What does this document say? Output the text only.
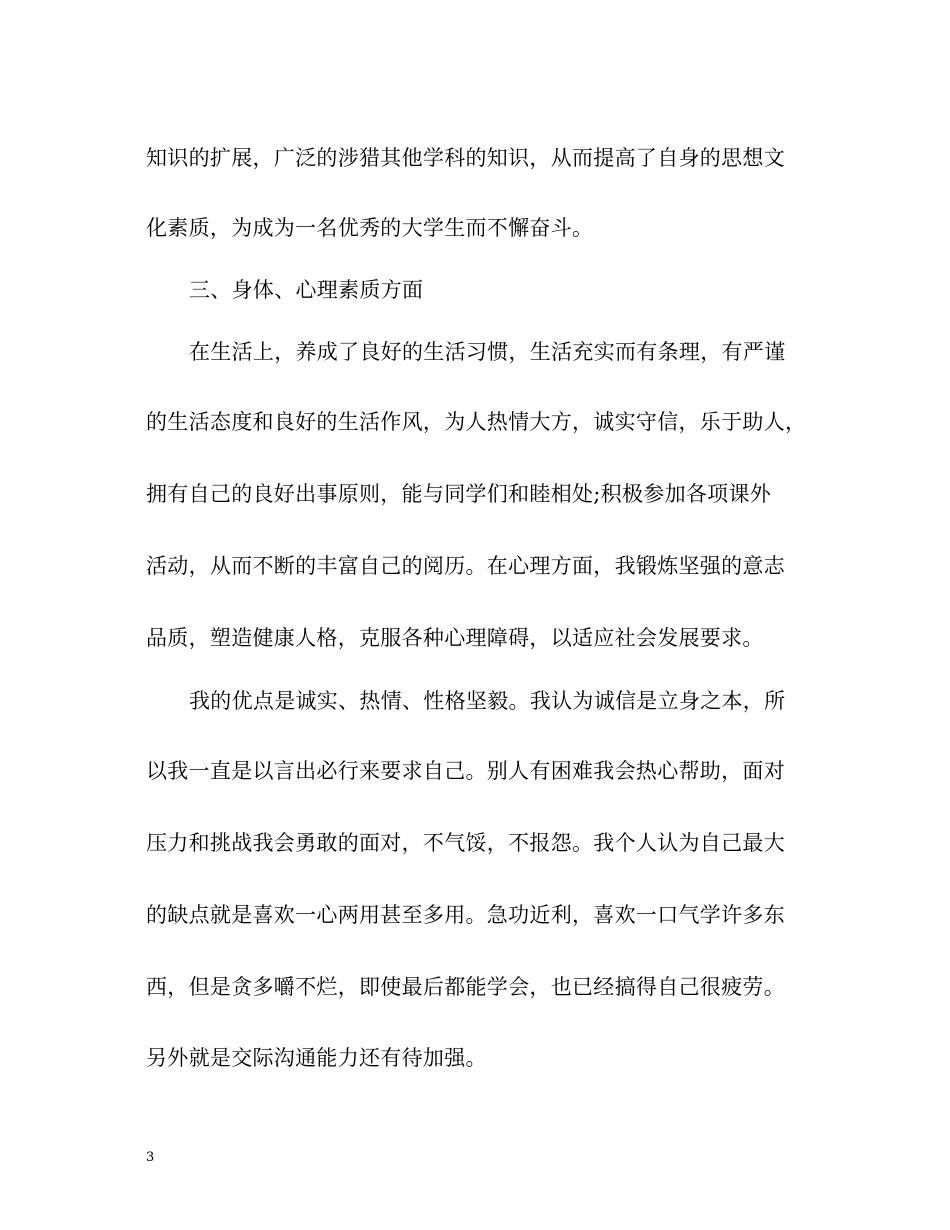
知识的扩展，广泛的涉猎其他学科的知识，从而提高了自身的思想文
化素质，为成为一名优秀的大学生而不懈奋斗。
三、身体、心理素质方面
在生活上，养成了良好的生活习惯，生活充实而有条理，有严谨
的生活态度和良好的生活作风，为人热情大方，诚实守信，乐于助人，
拥有自己的良好出事原则，能与同学们和睦相处;积极参加各项课外
活动，从而不断的丰富自己的阅历。在心理方面，我锻炼坚强的意志
品质，塑造健康人格，克服各种心理障碍，以适应社会发展要求。
我的优点是诚实、热情、性格坚毅。我认为诚信是立身之本，所
以我一直是以言出必行来要求自己。别人有困难我会热心帮助，面对
压力和挑战我会勇敢的面对，不气馁，不报怨。我个人认为自己最大
的缺点就是喜欢一心两用甚至多用。急功近利，喜欢一口气学许多东
西，但是贪多嚼不烂，即使最后都能学会，也已经搞得自己很疲劳。
另外就是交际沟通能力还有待加强。
3
